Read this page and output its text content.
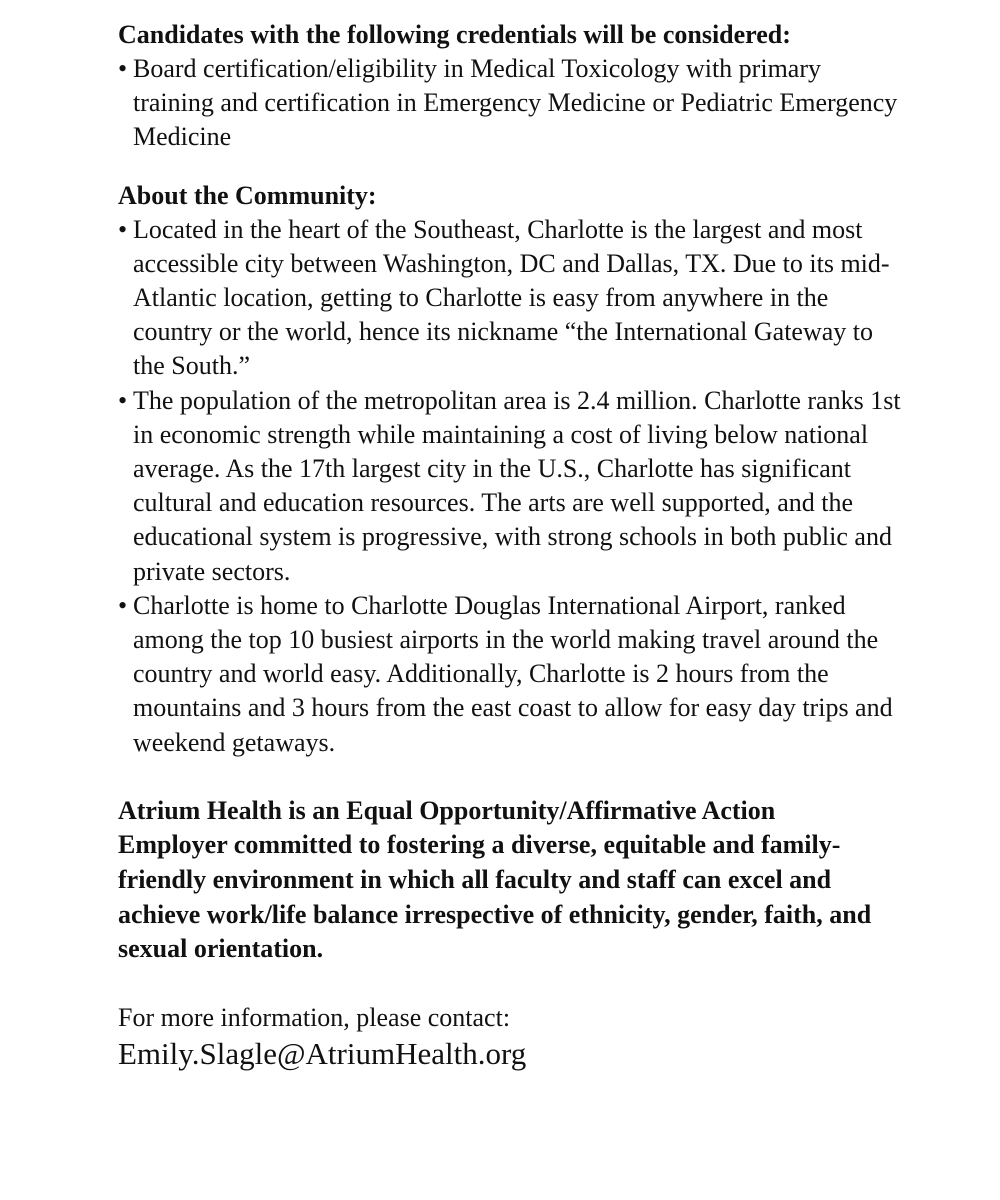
Candidates with the following credentials will be considered:

• Board certification/eligibility in Medical Toxicology with primary training and certification in Emergency Medicine or Pediatric Emergency Medicine

About the Community:

• Located in the heart of the Southeast, Charlotte is the largest and most accessible city between Washington, DC and Dallas, TX. Due to its mid-Atlantic location, getting to Charlotte is easy from anywhere in the country or the world, hence its nickname “the International Gateway to the South.”
• The population of the metropolitan area is 2.4 million. Charlotte ranks 1st in economic strength while maintaining a cost of living below national average. As the 17th largest city in the U.S., Charlotte has significant cultural and education resources. The arts are well supported, and the educational system is progressive, with strong schools in both public and private sectors.
• Charlotte is home to Charlotte Douglas International Airport, ranked among the top 10 busiest airports in the world making travel around the country and world easy. Additionally, Charlotte is 2 hours from the mountains and 3 hours from the east coast to allow for easy day trips and weekend getaways.

Atrium Health is an Equal Opportunity/Affirmative Action Employer committed to fostering a diverse, equitable and family-friendly environment in which all faculty and staff can excel and achieve work/life balance irrespective of ethnicity, gender, faith, and sexual orientation.

For more information, please contact:

Emily.Slagle@AtriumHealth.org
